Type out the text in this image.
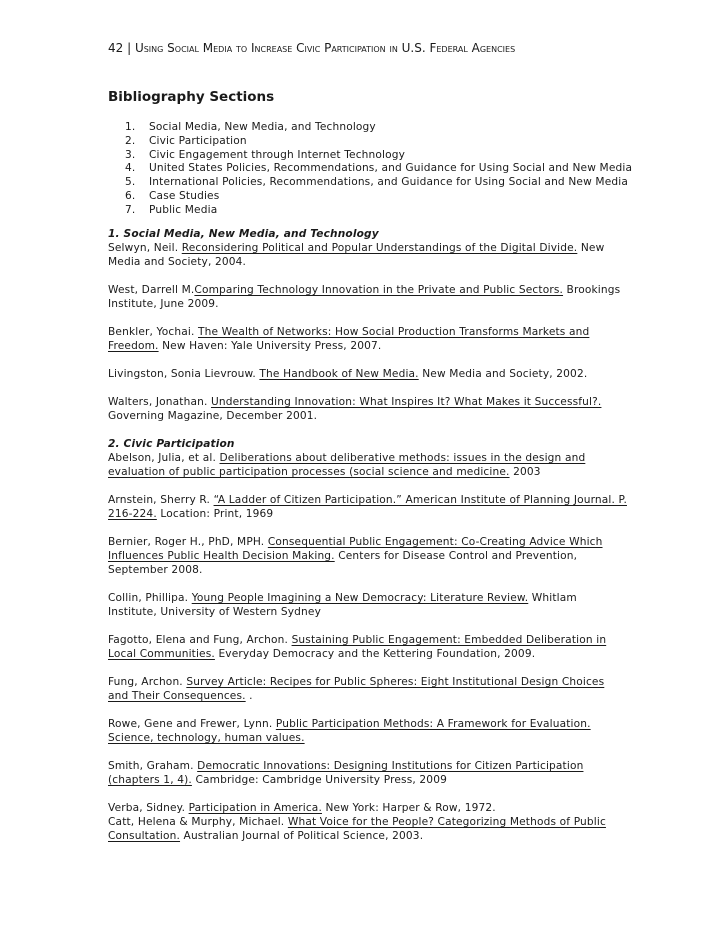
42 | Using Social Media to Increase Civic Participation in U.S. Federal Agencies
Bibliography Sections
1. Social Media, New Media, and Technology
2. Civic Participation
3. Civic Engagement through Internet Technology
4. United States Policies, Recommendations, and Guidance for Using Social and New Media
5. International Policies, Recommendations, and Guidance for Using Social and New Media
6. Case Studies
7. Public Media
1. Social Media, New Media, and Technology
Selwyn, Neil. Reconsidering Political and Popular Understandings of the Digital Divide. New Media and Society, 2004.
West, Darrell M.Comparing Technology Innovation in the Private and Public Sectors. Brookings Institute, June 2009.
Benkler, Yochai. The Wealth of Networks: How Social Production Transforms Markets and Freedom. New Haven: Yale University Press, 2007.
Livingston, Sonia Lievrouw. The Handbook of New Media. New Media and Society, 2002.
Walters, Jonathan. Understanding Innovation: What Inspires It? What Makes it Successful?. Governing Magazine, December 2001.
2. Civic Participation
Abelson, Julia, et al. Deliberations about deliberative methods: issues in the design and evaluation of public participation processes (social science and medicine. 2003
Arnstein, Sherry R. “A Ladder of Citizen Participation.” American Institute of Planning Journal. P. 216-224. Location: Print, 1969
Bernier, Roger H., PhD, MPH. Consequential Public Engagement: Co-Creating Advice Which Influences Public Health Decision Making. Centers for Disease Control and Prevention, September 2008.
Collin, Phillipa. Young People Imagining a New Democracy: Literature Review. Whitlam Institute, University of Western Sydney
Fagotto, Elena and Fung, Archon. Sustaining Public Engagement: Embedded Deliberation in Local Communities. Everyday Democracy and the Kettering Foundation, 2009.
Fung, Archon. Survey Article: Recipes for Public Spheres: Eight Institutional Design Choices and Their Consequences. .
Rowe, Gene and Frewer, Lynn. Public Participation Methods: A Framework for Evaluation. Science, technology, human values.
Smith, Graham. Democratic Innovations: Designing Institutions for Citizen Participation (chapters 1, 4). Cambridge: Cambridge University Press, 2009
Verba, Sidney. Participation in America. New York: Harper & Row, 1972.
Catt, Helena & Murphy, Michael. What Voice for the People? Categorizing Methods of Public Consultation. Australian Journal of Political Science, 2003.
